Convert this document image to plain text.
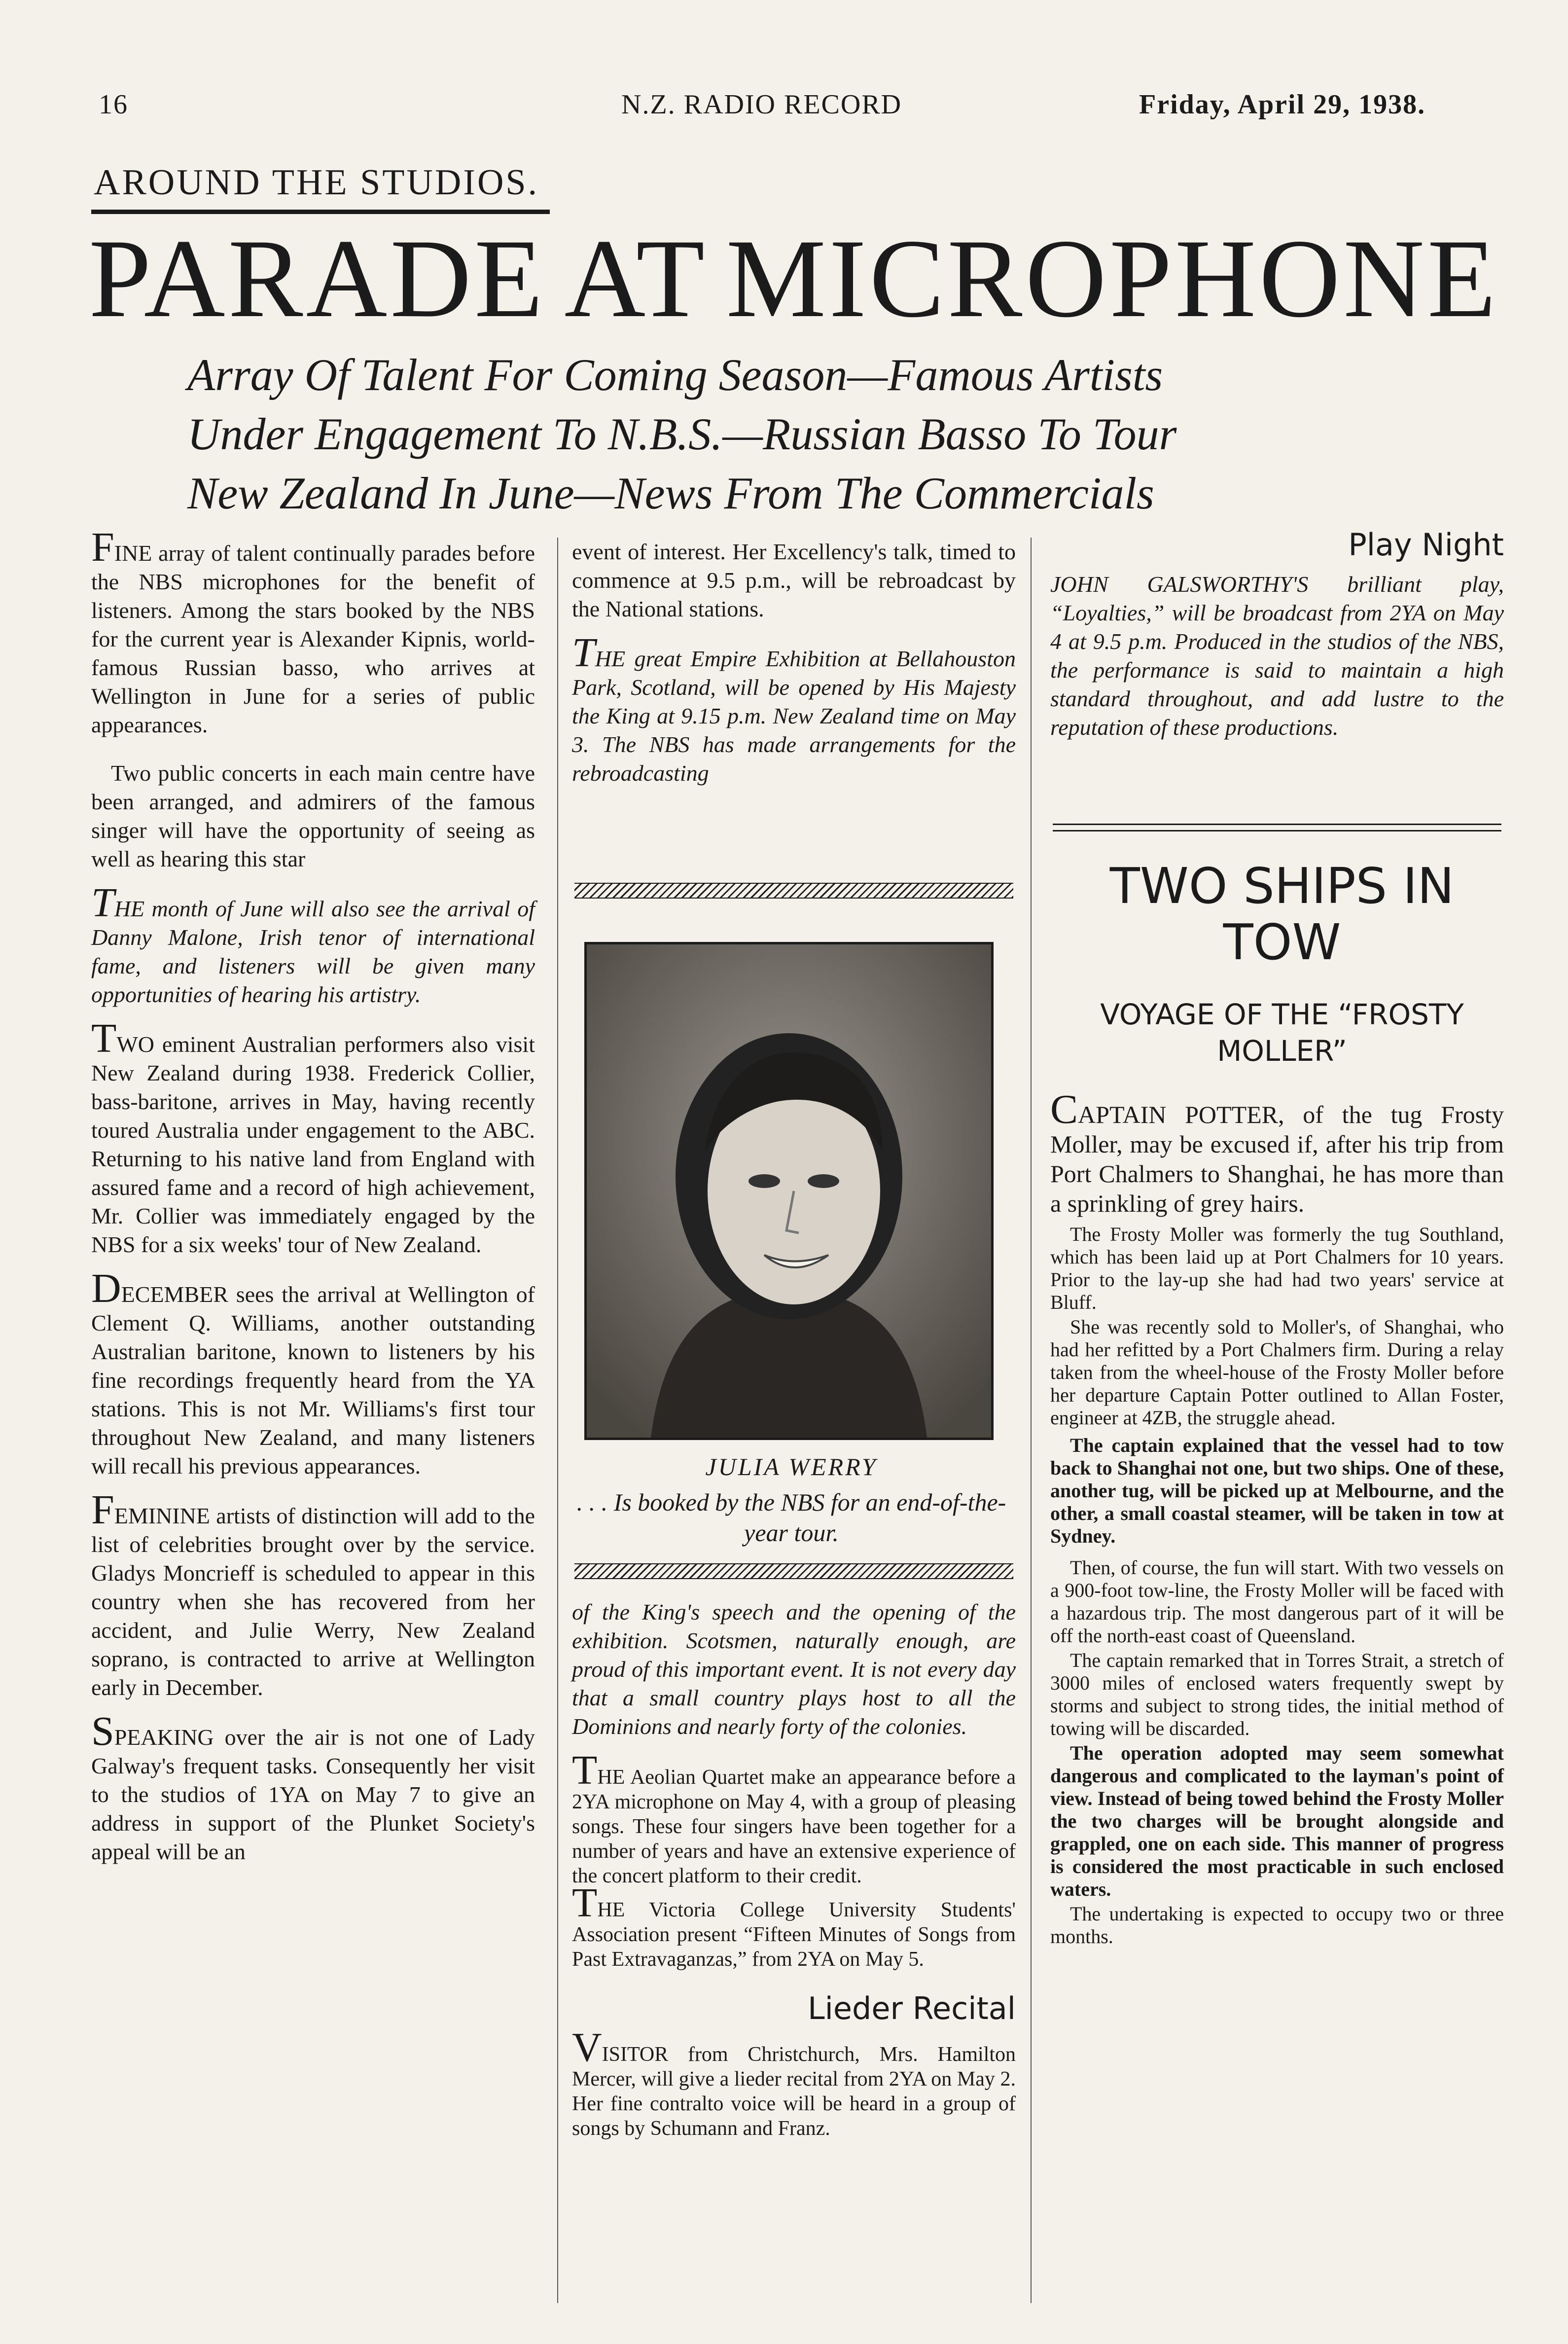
16	N.Z. RADIO RECORD	Friday, April 29, 1938.
AROUND THE STUDIOS.
PARADE AT MICROPHONE
Array Of Talent For Coming Season—Famous Artists
Under Engagement To N.B.S.—Russian Basso To Tour
New Zealand In June—News From The Commercials

FINE array of talent continually parades before the NBS microphones for the benefit of listeners. Among the stars booked by the NBS for the current year is Alexander Kipnis, world-famous Russian basso, who arrives at Wellington in June for a series of public appearances.

Two public concerts in each main centre have been arranged, and admirers of the famous singer will have the opportunity of seeing as well as hearing this star

THE month of June will also see the arrival of Danny Malone, Irish tenor of international fame, and listeners will be given many opportunities of hearing his artistry.

TWO eminent Australian performers also visit New Zealand during 1938. Frederick Collier, bass-baritone, arrives in May, having recently toured Australia under engagement to the ABC. Returning to his native land from England with assured fame and a record of high achievement, Mr. Collier was immediately engaged by the NBS for a six weeks' tour of New Zealand.

DECEMBER sees the arrival at Wellington of Clement Q. Williams, another outstanding Australian baritone, known to listeners by his fine recordings frequently heard from the YA stations. This is not Mr. Williams's first tour throughout New Zealand, and many listeners will recall his previous appearances.

FEMININE artists of distinction will add to the list of celebrities brought over by the service. Gladys Moncrieff is scheduled to appear in this country when she has recovered from her accident, and Julie Werry, New Zealand soprano, is contracted to arrive at Wellington early in December.

SPEAKING over the air is not one of Lady Galway's frequent tasks. Consequently her visit to the studios of 1YA on May 7 to give an address in support of the Plunket Society's appeal will be an

event of interest. Her Excellency's talk, timed to commence at 9.5 p.m., will be rebroadcast by the National stations.

THE great Empire Exhibition at Bellahouston Park, Scotland, will be opened by His Majesty the King at 9.15 p.m. New Zealand time on May 3. The NBS has made arrangements for the rebroadcasting

JULIA WERRY
. . . Is booked by the NBS for an end-of-the-year tour.

of the King's speech and the opening of the exhibition. Scotsmen, naturally enough, are proud of this important event. It is not every day that a small country plays host to all the Dominions and nearly forty of the colonies.

THE Aeolian Quartet make an appearance before a 2YA microphone on May 4, with a group of pleasing songs. These four singers have been together for a number of years and have an extensive experience of the concert platform to their credit.

THE Victoria College University Students' Association present “Fifteen Minutes of Songs from Past Extravaganzas,” from 2YA on May 5.

Lieder Recital

VISITOR from Christchurch, Mrs. Hamilton Mercer, will give a lieder recital from 2YA on May 2. Her fine contralto voice will be heard in a group of songs by Schumann and Franz.

Play Night

JOHN GALSWORTHY'S brilliant play, “Loyalties,” will be broadcast from 2YA on May 4 at 9.5 p.m. Produced in the studios of the NBS, the performance is said to maintain a high standard throughout, and add lustre to the reputation of these productions.

TWO SHIPS IN TOW
VOYAGE OF THE “FROSTY MOLLER”

CAPTAIN POTTER, of the tug Frosty Moller, may be excused if, after his trip from Port Chalmers to Shanghai, he has more than a sprinkling of grey hairs.

The Frosty Moller was formerly the tug Southland, which has been laid up at Port Chalmers for 10 years. Prior to the lay-up she had had two years' service at Bluff.

She was recently sold to Moller's, of Shanghai, who had her refitted by a Port Chalmers firm. During a relay taken from the wheel-house of the Frosty Moller before her departure Captain Potter outlined to Allan Foster, engineer at 4ZB, the struggle ahead.

The captain explained that the vessel had to tow back to Shanghai not one, but two ships. One of these, another tug, will be picked up at Melbourne, and the other, a small coastal steamer, will be taken in tow at Sydney.

Then, of course, the fun will start. With two vessels on a 900-foot tow-line, the Frosty Moller will be faced with a hazardous trip. The most dangerous part of it will be off the north-east coast of Queensland.

The captain remarked that in Torres Strait, a stretch of 3000 miles of enclosed waters frequently swept by storms and subject to strong tides, the initial method of towing will be discarded.

The operation adopted may seem somewhat dangerous and complicated to the layman's point of view. Instead of being towed behind the Frosty Moller the two charges will be brought alongside and grappled, one on each side. This manner of progress is considered the most practicable in such enclosed waters.

The undertaking is expected to occupy two or three months.
